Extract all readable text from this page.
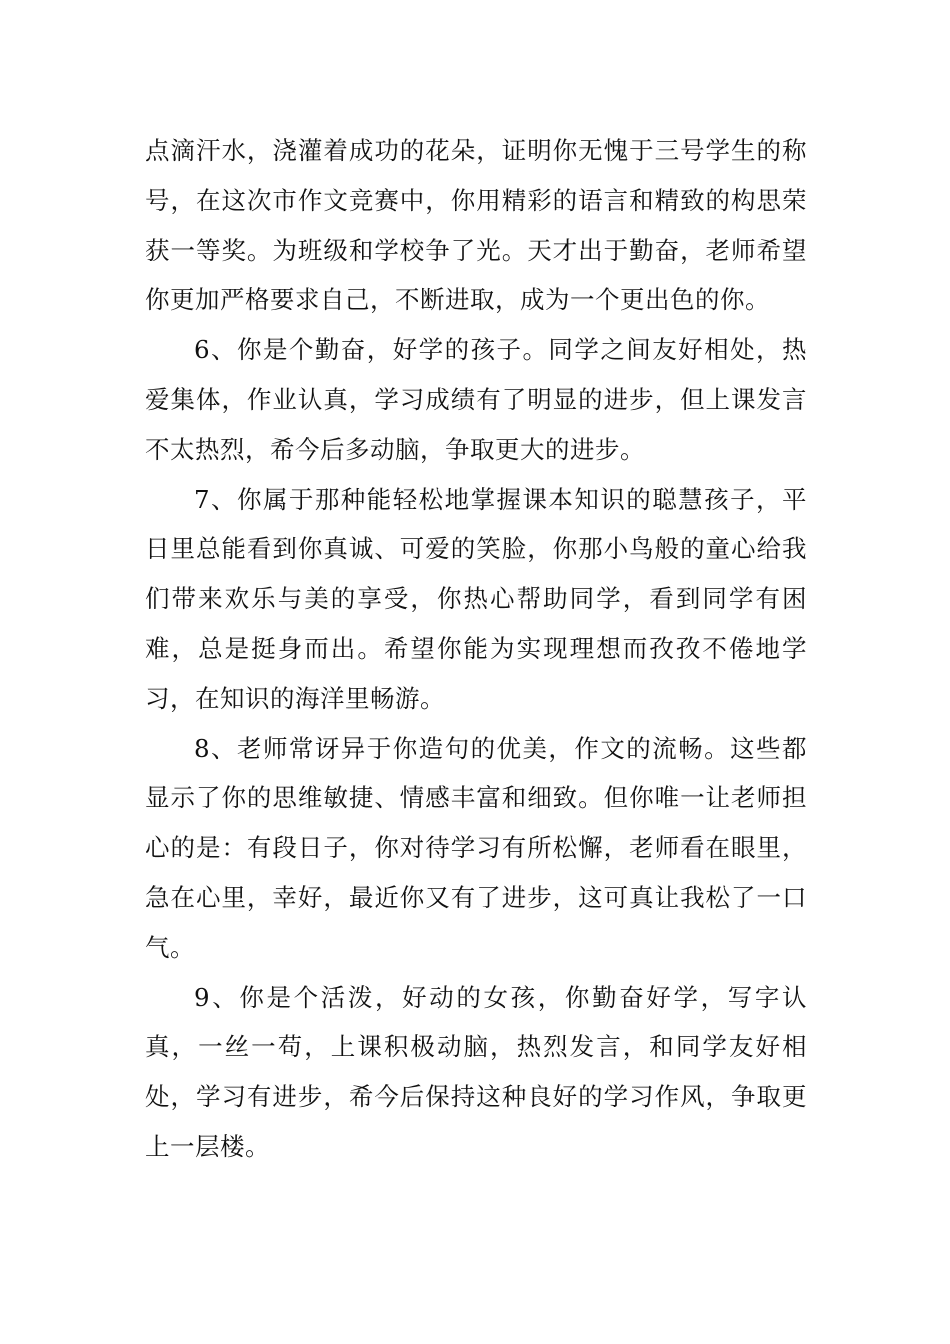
点滴汗水，浇灌着成功的花朵，证明你无愧于三号学生的称号，在这次市作文竞赛中，你用精彩的语言和精致的构思荣获一等奖。为班级和学校争了光。天才出于勤奋，老师希望你更加严格要求自己，不断进取，成为一个更出色的你。

6、你是个勤奋，好学的孩子。同学之间友好相处，热爱集体，作业认真，学习成绩有了明显的进步，但上课发言不太热烈，希今后多动脑，争取更大的进步。

7、你属于那种能轻松地掌握课本知识的聪慧孩子，平日里总能看到你真诚、可爱的笑脸，你那小鸟般的童心给我们带来欢乐与美的享受，你热心帮助同学，看到同学有困难，总是挺身而出。希望你能为实现理想而孜孜不倦地学习，在知识的海洋里畅游。

8、老师常讶异于你造句的优美，作文的流畅。这些都显示了你的思维敏捷、情感丰富和细致。但你唯一让老师担心的是：有段日子，你对待学习有所松懈，老师看在眼里，急在心里，幸好，最近你又有了进步，这可真让我松了一口气。

9、你是个活泼，好动的女孩，你勤奋好学，写字认真，一丝一苟，上课积极动脑，热烈发言，和同学友好相处，学习有进步，希今后保持这种良好的学习作风，争取更上一层楼。
